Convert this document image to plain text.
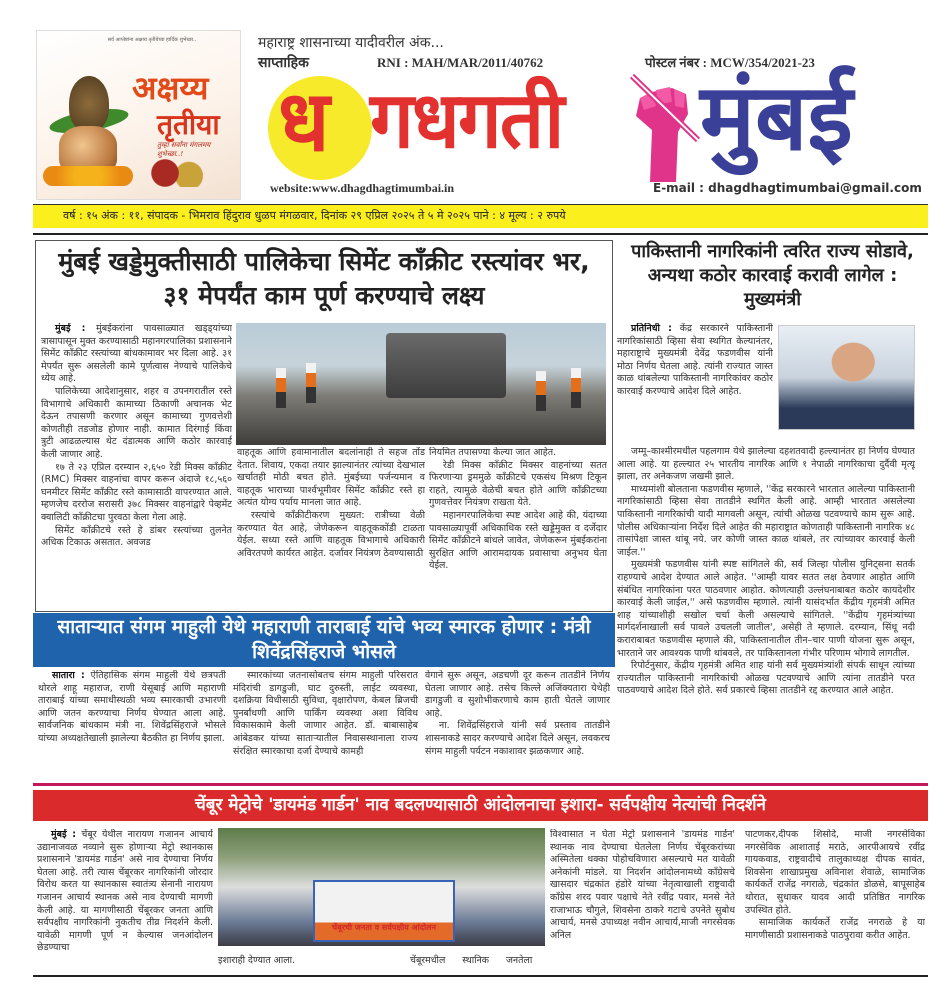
सर्व आप्तेष्टांना अक्षय्य तृतीयेच्या हार्दिक शुभेच्छा..
अक्षय्य
तृतीया
तुम्हा सर्वांना मंगलमय शुभेच्छा..!
महाराष्ट्र शासनाच्या यादीवरील अंक...
साप्ताहिक	RNI : MAH/MAR/2011/40762	पोस्टल नंबर : MCW/354/2021-23
ध गधगती मुंबई
website:www.dhagdhagtimumbai.in	E-mail : dhagdhagtimumbai@gmail.com
वर्ष : १५ अंक : ११, संपादक - भिमराव हिंदुराव धुळप मंगळवार, दिनांक २९ एप्रिल २०२५ ते ५ मे २०२५ पाने : ४ मूल्य : २ रुपये
मुंबई खड्डेमुक्तीसाठी पालिकेचा सिमेंट काँक्रीट रस्त्यांवर भर, ३१ मेपर्यंत काम पूर्ण करण्याचे लक्ष्य

मुंबई : मुंबईकरांना पावसाळ्यात खड्ड्यांच्या त्रासापासून मुक्त करण्यासाठी महानगरपालिका प्रशासनाने सिमेंट काँक्रीट रस्त्यांच्या बांधकामावर भर दिला आहे. ३१ मेपर्यंत सुरू असलेली कामे पूर्णत्वास नेण्याचे पालिकेचे ध्येय आहे.

पालिकेच्या आदेशानुसार, शहर व उपनगरातील रस्ते विभागाचे अधिकारी कामाच्या ठिकाणी अचानक भेट देऊन तपासणी करणार असून कामाच्या गुणवत्तेशी कोणतीही तडजोड होणार नाही. कामात दिरंगाई किंवा त्रुटी आढळल्यास थेट दंडात्मक आणि कठोर कारवाई केली जाणार आहे.

१७ ते २३ एप्रिल दरम्यान २,६५० रेडी मिक्स काँक्रीट (RMC) मिक्सर वाहनांचा वापर करून अंदाजे १८,५६० घनमीटर सिमेंट काँक्रीट रस्ते कामासाठी वापरण्यात आले. म्हणजेच दररोज सरासरी ३७८ मिक्सर वाहनांद्वारे पेव्हमेंट क्वालिटी काँक्रीटचा पुरवठा केला गेला आहे.

सिमेंट काँक्रीटचे रस्ते हे डांबर रस्त्यांच्या तुलनेत अधिक टिकाऊ असतात. अवजड

वाहतूक आणि हवामानातील बदलांनाही ते सहज तोंड देतात. शिवाय, एकदा तयार झाल्यानंतर त्यांच्या देखभाल खर्चातही मोठी बचत होते. मुंबईच्या पर्जन्यमान व वाहतूक भाराच्या पार्श्वभूमीवर सिमेंट काँक्रीट रस्ते हा अत्यंत योग्य पर्याय मानला जात आहे.

रस्त्यांचे काँक्रीटीकरण मुख्यत: रात्रीच्या वेळी करण्यात येत आहे, जेणेकरून वाहतूककोंडी टाळता येईल. सध्या रस्ते आणि वाहतूक विभागाचे अधिकारी अविरतपणे कार्यरत आहेत. दर्जावर नियंत्रण ठेवण्यासाठी

नियमित तपासण्या केल्या जात आहेत.

रेडी मिक्स काँक्रीट मिक्सर वाहनांच्या सतत फिरणाऱ्या ड्रममुळे काँक्रीटचे एकसंध मिश्रण टिकून राहते, त्यामुळे वेळेची बचत होते आणि काँक्रीटच्या गुणवत्तेवर नियंत्रण राखता येते.

महानगरपालिकेचा स्पष्ट आदेश आहे की, यंदाच्या पावसाळ्यापूर्वी अधिकाधिक रस्ते खड्डेमुक्त व दर्जेदार सिमेंट काँक्रीटने बांधले जावेत, जेणेकरून मुंबईकरांना सुरक्षित आणि आरामदायक प्रवासाचा अनुभव घेता येईल.

पाकिस्तानी नागरिकांनी त्वरित राज्य सोडावे, अन्यथा कठोर कारवाई करावी लागेल : मुख्यमंत्री

प्रतिनिधी : केंद्र सरकारने पाकिस्तानी नागरिकांसाठी व्हिसा सेवा स्थगित केल्यानंतर, महाराष्ट्राचे मुख्यमंत्री देवेंद्र फडणवीस यांनी मोठा निर्णय घेतला आहे. त्यांनी राज्यात जास्त काळ थांबलेल्या पाकिस्तानी नागरिकांवर कठोर कारवाई करण्याचे आदेश दिले आहेत.

जम्मू–काश्मीरमधील पहलगाम येथे झालेल्या दहशतवादी हल्ल्यानंतर हा निर्णय घेण्यात आला आहे. या हल्ल्यात २५ भारतीय नागरिक आणि १ नेपाळी नागरिकाचा दुर्दैवी मृत्यू झाला, तर अनेकजण जखमी झाले.

माध्यमांशी बोलताना फडणवीस म्हणाले, ''केंद्र सरकारने भारतात आलेल्या पाकिस्तानी नागरिकांसाठी व्हिसा सेवा तातडीने स्थगित केली आहे. आम्ही भारतात असलेल्या पाकिस्तानी नागरिकांची यादी मागवली असून, त्यांची ओळख पटवण्याचे काम सुरू आहे. पोलीस अधिकाऱ्यांना निर्देश दिले आहेत की महाराष्ट्रात कोणताही पाकिस्तानी नागरिक ४८ तासांपेक्षा जास्त थांबू नये. जर कोणी जास्त काळ थांबले, तर त्यांच्यावर कारवाई केली जाईल.''

मुख्यमंत्री फडणवीस यांनी स्पष्ट सांगितले की, सर्व जिल्हा पोलीस युनिट्सना सतर्क राहण्याचे आदेश देण्यात आले आहेत. ''आम्ही यावर सतत लक्ष ठेवणार आहोत आणि संबंधित नागरिकांना परत पाठवणार आहोत. कोणत्याही उल्लंघनाबाबत कठोर कायदेशीर कारवाई केली जाईल,'' असे फडणवीस म्हणाले. त्यांनी यासंदर्भात केंद्रीय गृहमंत्री अमित शाह यांच्याशीही सखोल चर्चा केली असल्याचे सांगितले. ''केंद्रीय गृहमंत्र्यांच्या मार्गदर्शनाखाली सर्व पावले उचलली जातील', असेही ते म्हणाले. दरम्यान, सिंधू नदी कराराबाबत फडणवीस म्हणाले की, पाकिस्तानातील तीन–चार पाणी योजना सुरू असून, भारताने जर आवश्यक पाणी थांबवले, तर पाकिस्तानला गंभीर परिणाम भोगावे लागतील.

रिपोर्टनुसार, केंद्रीय गृहमंत्री अमित शाह यांनी सर्व मुख्यमंत्र्यांशी संपर्क साधून त्यांच्या राज्यातील पाकिस्तानी नागरिकांची ओळख पटवण्याचे आणि त्यांना तातडीने परत पाठवण्याचे आदेश दिले होते. सर्व प्रकारचे व्हिसा तातडीने रद्द करण्यात आले आहेत.

साताऱ्यात संगम माहुली येथे महाराणी ताराबाई यांचे भव्य स्मारक होणार : मंत्री शिवेंद्रसिंहराजे भोसले

सातारा : ऐतिहासिक संगम माहुली येथे छत्रपती थोरले शाहू महाराज, राणी येसूबाई आणि महाराणी ताराबाई यांच्या समाधीस्थळी भव्य स्मारकाची उभारणी आणि जतन करण्याचा निर्णय घेण्यात आला आहे. सार्वजनिक बांधकाम मंत्री ना. शिवेंद्रसिंहराजे भोसले यांच्या अध्यक्षतेखाली झालेल्या बैठकीत हा निर्णय झाला.

स्मारकांच्या जतनासोबतच संगम माहुली परिसरात मंदिरांची डागडुजी, घाट दुरुस्ती, लाईट व्यवस्था, दशक्रिया विधीसाठी सुविधा, वृक्षारोपण, केबल ब्रिजची पुनर्बांधणी आणि पार्किंग व्यवस्था अशा विविध विकासकामे केली जाणार आहेत. डॉ. बाबासाहेब आंबेडकर यांच्या साताऱ्यातील निवासस्थानाला राज्य संरक्षित स्मारकाचा दर्जा देण्याचे कामही

वेगाने सुरू असून, अडचणी दूर करून तातडीने निर्णय घेतला जाणार आहे. तसेच किल्ले अजिंक्यतारा येथेही डागडुजी व सुशोभीकरणाचे काम हाती घेतले जाणार आहे.

ना. शिवेंद्रसिंहराजे यांनी सर्व प्रस्ताव तातडीने शासनाकडे सादर करण्याचे आदेश दिले असून, लवकरच संगम माहुली पर्यटन नकाशावर झळकणार आहे.

चेंबूर मेट्रोचे 'डायमंड गार्डन' नाव बदलण्यासाठी आंदोलनाचा इशारा- सर्वपक्षीय नेत्यांची निदर्शने

मुंबई : चेंबूर येथील नारायण गजानन आचार्य उद्यानाजवळ नव्याने सुरू होणाऱ्या मेट्रो स्थानकास प्रशासनाने 'डायमंड गार्डन' असे नाव देण्याचा निर्णय घेतला आहे. तरी त्यास चेंबूरकर नागरिकांनी जोरदार विरोध करत या स्थानकास स्वातंत्र्य सेनानी नारायण गजानन आचार्य स्थानक असे नाव देण्याची मागणी केली आहे. या मागणीसाठी चेंबूरकर जनता आणि सर्वपक्षीय नागरिकांनी नुकतीच तीव्र निदर्शने केली. यावेळी मागणी पूर्ण न केल्यास जनआंदोलन छेडण्याचा

चेंबूरची जनता व सर्वपक्षीय आंदोलन
इशाराही देण्यात आला.	चेंबूरमधील स्थानिक जनतेला

विश्वासात न घेता मेट्रो प्रशासनाने 'डायमंड गार्डन' स्थानक नाव देण्याचा घेतलेला निर्णय चेंबूरकरांच्या अस्मितेला धक्का पोहोचविणारा असल्याचे मत यावेळी अनेकांनी मांडले. या निदर्शन आंदोलनामध्ये काँग्रेसचे खासदार चंद्रकांत हंडोरे यांच्या नेतृत्वाखाली राष्ट्रवादी काँग्रेस शरद पवार पक्षाचे नेते रवींद्र पवार, मनसे नेते राजाभाऊ चौगुले, शिवसेना ठाकरे गटाचे उपनेते सुबोध आचार्य, मनसे उपाध्यक्ष नवीन आचार्य,माजी नगरसेवक अनिल

पाटणकर,दीपक शिसोदे, माजी नगरसेविका नगरसेविक आशाताई मराठे, आरपीआयचे रवींद्र गायकवाड, राष्ट्रवादीचे तालुकाध्यक्ष दीपक सावंत, शिवसेना शाखाप्रमुख अविनाश शेवाळे, सामाजिक कार्यकर्ते राजेंद्र नगराळे, चंद्रकांत डोळसे, बापूसाहेब थोरात, सुधाकर यादव आदी प्रतिष्ठित नागरिक उपस्थित होते.

सामाजिक कार्यकर्ते राजेंद्र नगराळे हे या मागणीसाठी प्रशासनाकडे पाठपुरावा करीत आहेत.
